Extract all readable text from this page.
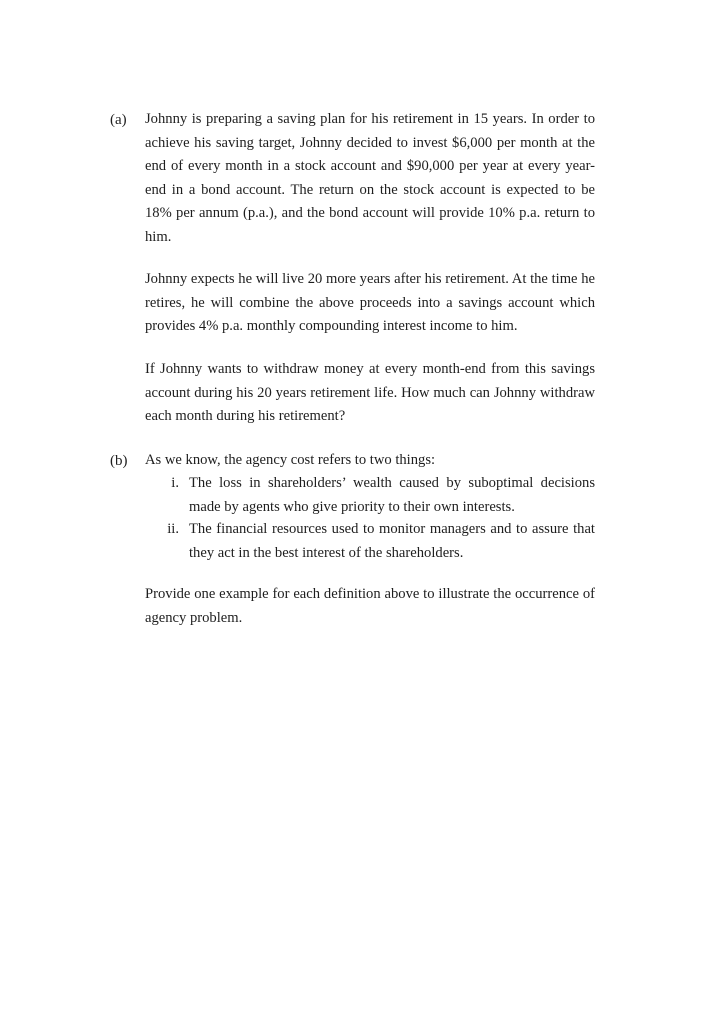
(a) Johnny is preparing a saving plan for his retirement in 15 years. In order to achieve his saving target, Johnny decided to invest $6,000 per month at the end of every month in a stock account and $90,000 per year at every year-end in a bond account. The return on the stock account is expected to be 18% per annum (p.a.), and the bond account will provide 10% p.a. return to him.

Johnny expects he will live 20 more years after his retirement. At the time he retires, he will combine the above proceeds into a savings account which provides 4% p.a. monthly compounding interest income to him.

If Johnny wants to withdraw money at every month-end from this savings account during his 20 years retirement life. How much can Johnny withdraw each month during his retirement?

(b) As we know, the agency cost refers to two things:

i. The loss in shareholders’ wealth caused by suboptimal decisions made by agents who give priority to their own interests.

ii. The financial resources used to monitor managers and to assure that they act in the best interest of the shareholders.

Provide one example for each definition above to illustrate the occurrence of agency problem.
